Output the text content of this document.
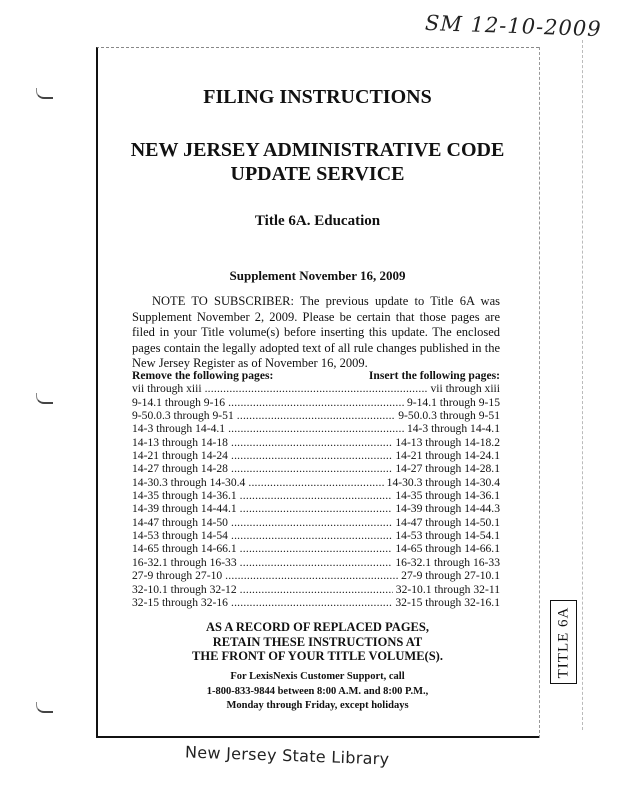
SM 12-10-2009
FILING INSTRUCTIONS
NEW JERSEY ADMINISTRATIVE CODE
UPDATE SERVICE
Title 6A. Education
Supplement November 16, 2009
NOTE TO SUBSCRIBER: The previous update to Title 6A was Supplement November 2, 2009. Please be certain that those pages are filed in your Title volume(s) before inserting this update. The enclosed pages contain the legally adopted text of all rule changes published in the New Jersey Register as of November 16, 2009.
Remove the following pages:	Insert the following pages:
vii through xiii .....	vii through xiii
9-14.1 through 9-16 .....	9-14.1 through 9-15
9-50.0.3 through 9-51 .....	9-50.0.3 through 9-51
14-3 through 14-4.1 .....	14-3 through 14-4.1
14-13 through 14-18 .....	14-13 through 14-18.2
14-21 through 14-24 .....	14-21 through 14-24.1
14-27 through 14-28 .....	14-27 through 14-28.1
14-30.3 through 14-30.4 .....	14-30.3 through 14-30.4
14-35 through 14-36.1 .....	14-35 through 14-36.1
14-39 through 14-44.1 .....	14-39 through 14-44.3
14-47 through 14-50 .....	14-47 through 14-50.1
14-53 through 14-54 .....	14-53 through 14-54.1
14-65 through 14-66.1 .....	14-65 through 14-66.1
16-32.1 through 16-33 .....	16-32.1 through 16-33
27-9 through 27-10 .....	27-9 through 27-10.1
32-10.1 through 32-12 .....	32-10.1 through 32-11
32-15 through 32-16 .....	32-15 through 32-16.1
AS A RECORD OF REPLACED PAGES,
RETAIN THESE INSTRUCTIONS AT
THE FRONT OF YOUR TITLE VOLUME(S).
For LexisNexis Customer Support, call
1-800-833-9844 between 8:00 A.M. and 8:00 P.M.,
Monday through Friday, except holidays
TITLE 6A
New Jersey State Library
